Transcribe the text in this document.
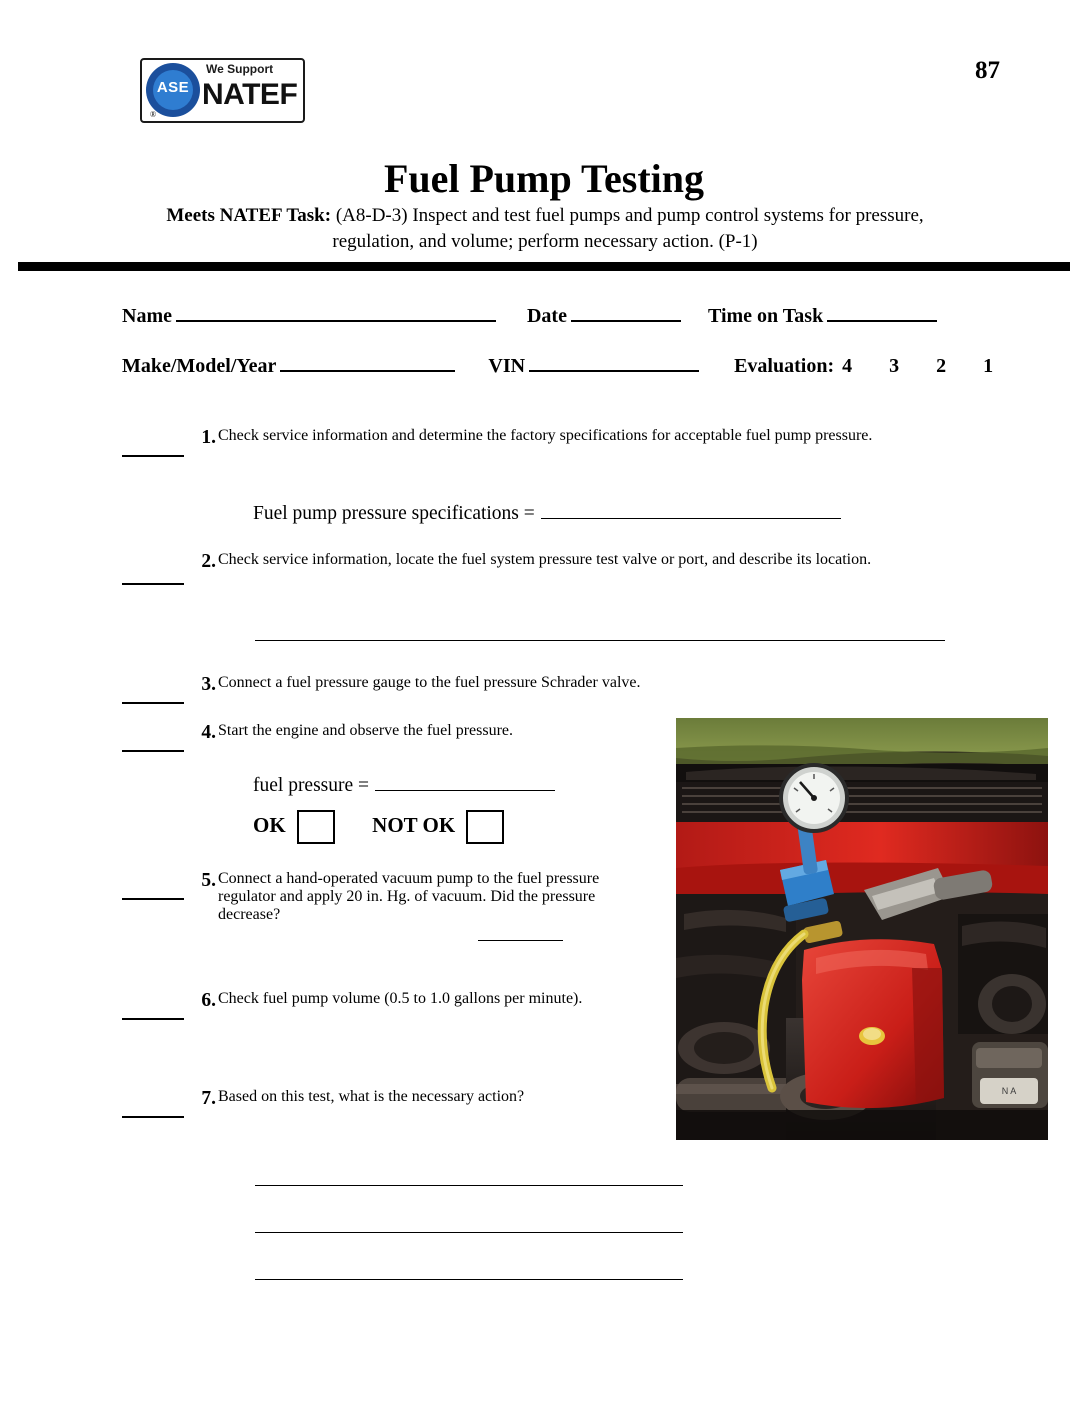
87
ASE
We Support
NATEF
®
Fuel Pump Testing
Meets NATEF Task: (A8-D-3) Inspect and test fuel pumps and pump control systems for pressure, regulation, and volume; perform necessary action. (P-1)
Name	Date	Time on Task
Make/Model/Year	VIN	Evaluation: 4 3 2 1
1. Check service information and determine the factory specifications for acceptable fuel pump pressure.
Fuel pump pressure specifications =
2. Check service information, locate the fuel system pressure test valve or port, and describe its location.
3. Connect a fuel pressure gauge to the fuel pressure Schrader valve.
4. Start the engine and observe the fuel pressure.
fuel pressure =
OK	NOT OK
5. Connect a hand-operated vacuum pump to the fuel pressure regulator and apply 20 in. Hg. of vacuum. Did the pressure decrease?
6. Check fuel pump volume (0.5 to 1.0 gallons per minute).
7. Based on this test, what is the necessary action?	N A
